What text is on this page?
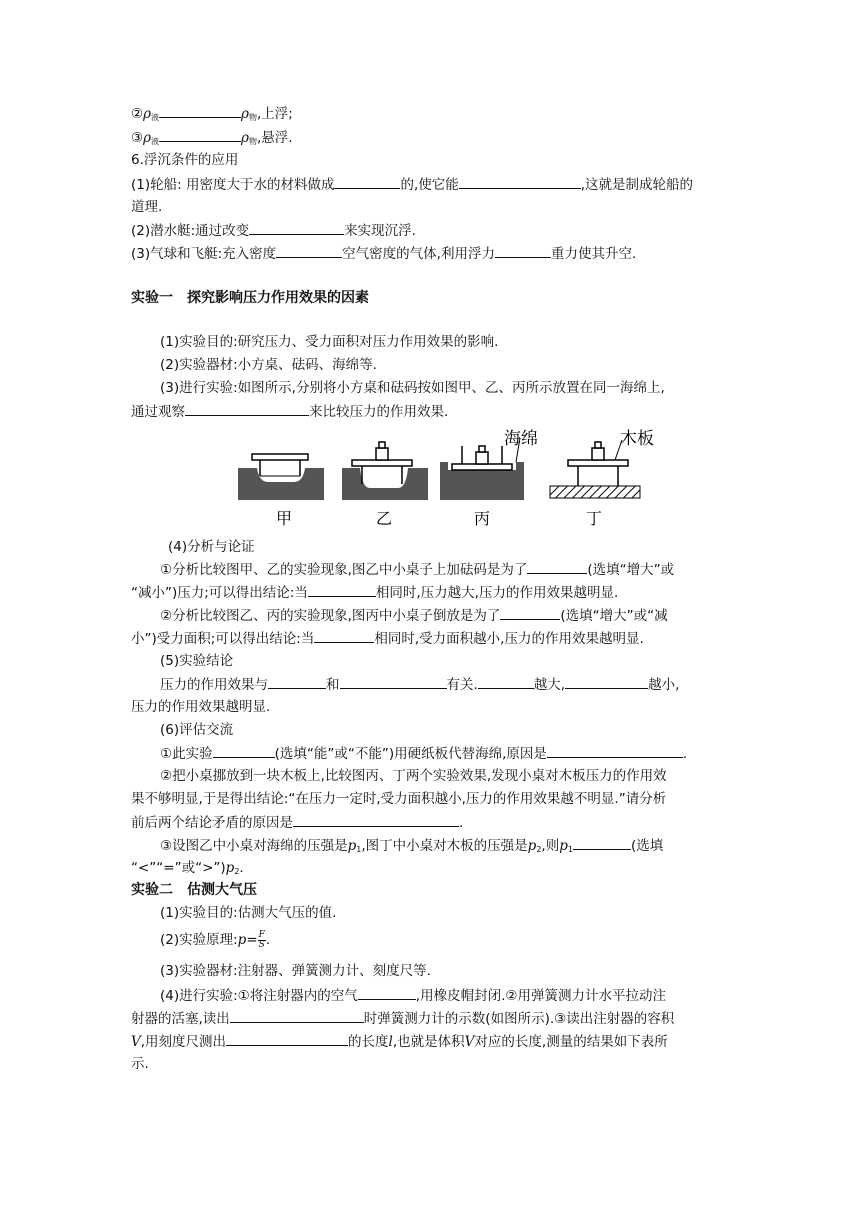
$②\rho_液$	$\rho_物$,上浮;
$③\rho_液$	$\rho_物$,悬浮.
6.浮沉条件的应用
(1)轮船: 用密度大于水的材料做成	的,使它能	,这就是制成轮船的
道理.
(2)潜水艇:通过改变	来实现沉浮.
(3)气球和飞艇:充入密度	空气密度的气体,利用浮力	重力使其升空.
实验一　探究影响压力作用效果的因素
(1)实验目的:研究压力、受力面积对压力作用效果的影响.
(2)实验器材:小方桌、砝码、海绵等.
(3)进行实验:如图所示,分别将小方桌和砝码按如图甲、乙、丙所示放置在同一海绵上,
通过观察	来比较压力的作用效果.
甲	乙
海绵
丙
木板
丁
(4)分析与论证
①分析比较图甲、乙的实验现象,图乙中小桌子上加砝码是为了	(选填“增大”或
“减小”)压力;可以得出结论:当	相同时,压力越大,压力的作用效果越明显.
②分析比较图乙、丙的实验现象,图丙中小桌子倒放是为了	(选填“增大”或“减
小”)受力面积;可以得出结论:当	相同时,受力面积越小,压力的作用效果越明显.
(5)实验结论
压力的作用效果与	和	有关.	越大,	越小,
压力的作用效果越明显.
(6)评估交流
①此实验	(选填“能”或“不能”)用硬纸板代替海绵,原因是	.
②把小桌挪放到一块木板上,比较图丙、丁两个实验效果,发现小桌对木板压力的作用效
果不够明显,于是得出结论:“在压力一定时,受力面积越小,压力的作用效果越不明显.”请分析
前后两个结论矛盾的原因是	.
③设图乙中小桌对海绵的压强是$p_1$,图丁中小桌对木板的压强是$p_2$,则$p_1$	(选填
“<”“=”或“$>”)p_2$.
实验二　估测大气压
(1)实验目的:估测大气压的值.
(2)实验原理:p= $\frac{F}{S}$ .
(3)实验器材:注射器、弹簧测力计、刻度尺等.
(4)进行实验:①将注射器内的空气	,用橡皮帽封闭.②用弹簧测力计水平拉动注
射器的活塞,读出	时弹簧测力计的示数(如图所示).③读出注射器的容积
V,用刻度尺测出	的长度l,也就是体积V对应的长度,测量的结果如下表所
示.
